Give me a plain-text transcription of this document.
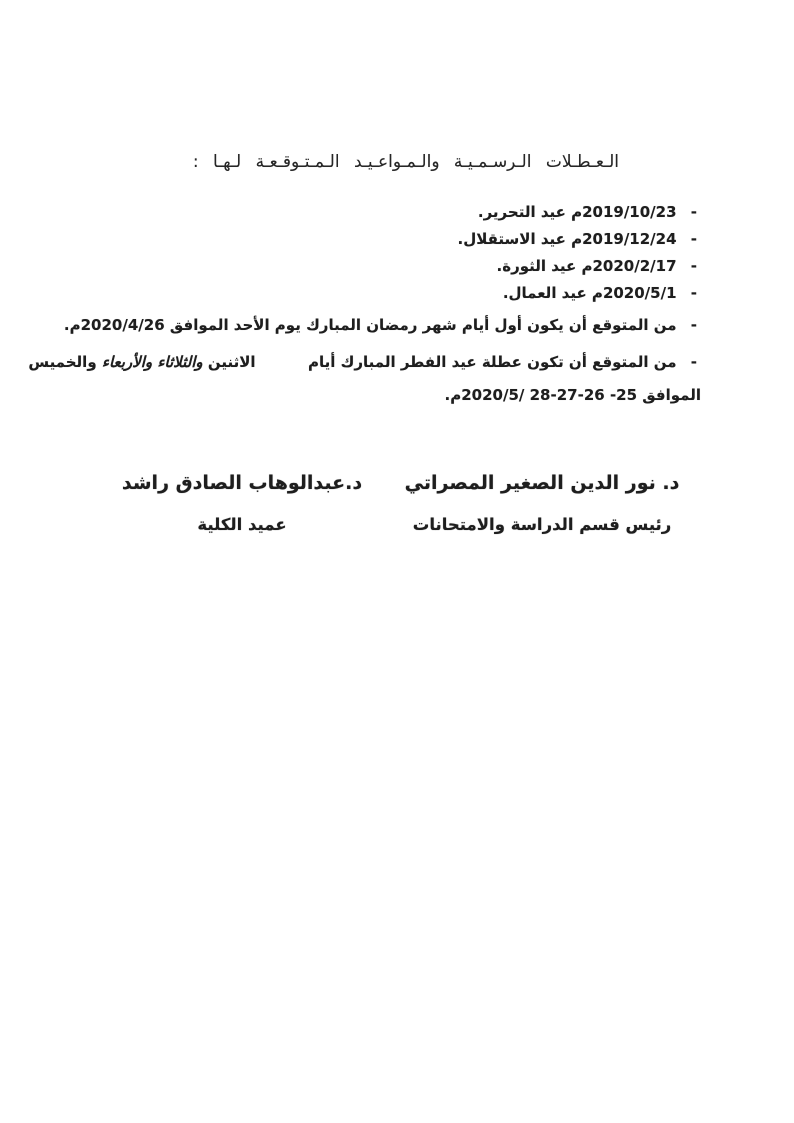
الـعـطـلات الـرسـمـيـة والـمـواعـيـد الـمـتـوقـعـة لـهـا :
- 2019/10/23م عيد التحرير.
- 2019/12/24م عيد الاستقلال.
- 2020/2/17م عيد الثورة.
- 2020/5/1م عيد العمال.
- من المتوقع أن يكون أول أيام شهر رمضان المبارك يوم الأحد الموافق 2020/4/26م.
- من المتوقع أن تكون عطلة عيد الفطر المبارك أيام  الاثنين والثلاثاء والأربعاء والخميس
الموافق 25- 26-27-28 /2020/5م.
د. نور الدين الصغير المصراتي
رئيس قسم الدراسة والامتحانات
د.عبدالوهاب الصادق راشد
عميد الكلية
